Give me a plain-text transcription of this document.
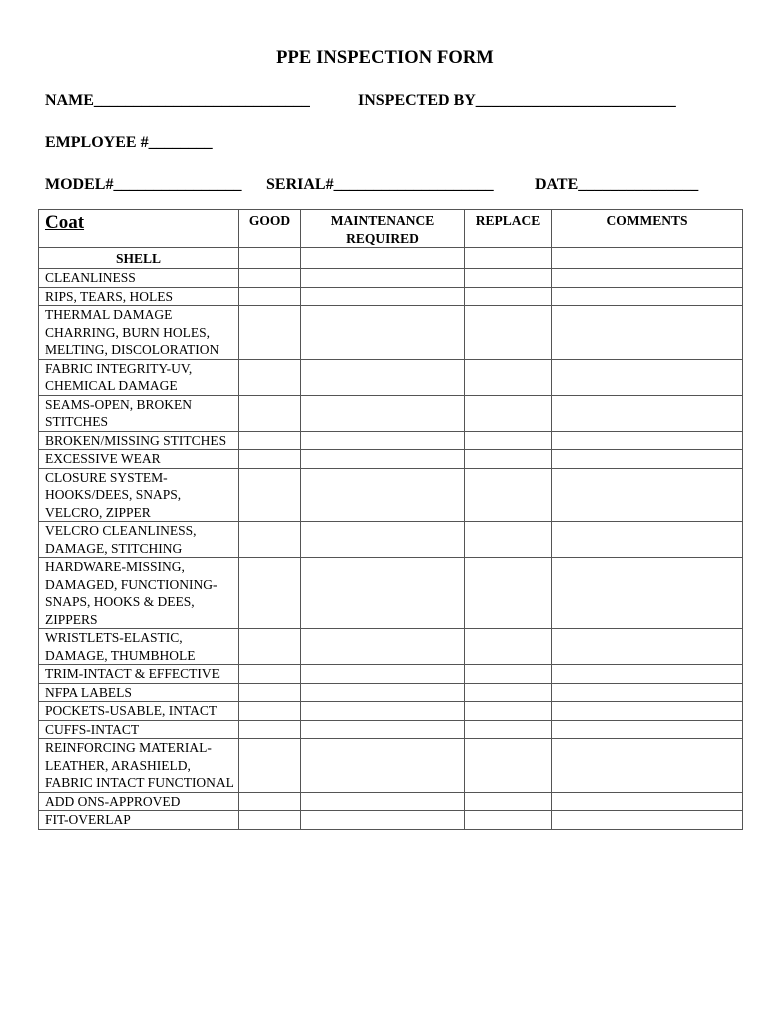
PPE INSPECTION FORM
NAME___________________________	INSPECTED BY_________________________
EMPLOYEE #________
MODEL#________________ SERIAL#____________________	DATE_______________
Coat	GOOD	MAINTENANCE REQUIRED	REPLACE	COMMENTS
SHELL				
CLEANLINESS				
RIPS, TEARS, HOLES				
THERMAL DAMAGE CHARRING, BURN HOLES, MELTING, DISCOLORATION				
FABRIC INTEGRITY-UV, CHEMICAL DAMAGE				
SEAMS-OPEN, BROKEN STITCHES				
BROKEN/MISSING STITCHES				
EXCESSIVE WEAR				
CLOSURE SYSTEM-HOOKS/DEES, SNAPS, VELCRO, ZIPPER				
VELCRO CLEANLINESS, DAMAGE, STITCHING				
HARDWARE-MISSING, DAMAGED, FUNCTIONING-SNAPS, HOOKS & DEES, ZIPPERS				
WRISTLETS-ELASTIC, DAMAGE, THUMBHOLE				
TRIM-INTACT & EFFECTIVE				
NFPA LABELS				
POCKETS-USABLE, INTACT				
CUFFS-INTACT				
REINFORCING MATERIAL-LEATHER, ARASHIELD, FABRIC INTACT FUNCTIONAL				
ADD ONS-APPROVED				
FIT-OVERLAP				
